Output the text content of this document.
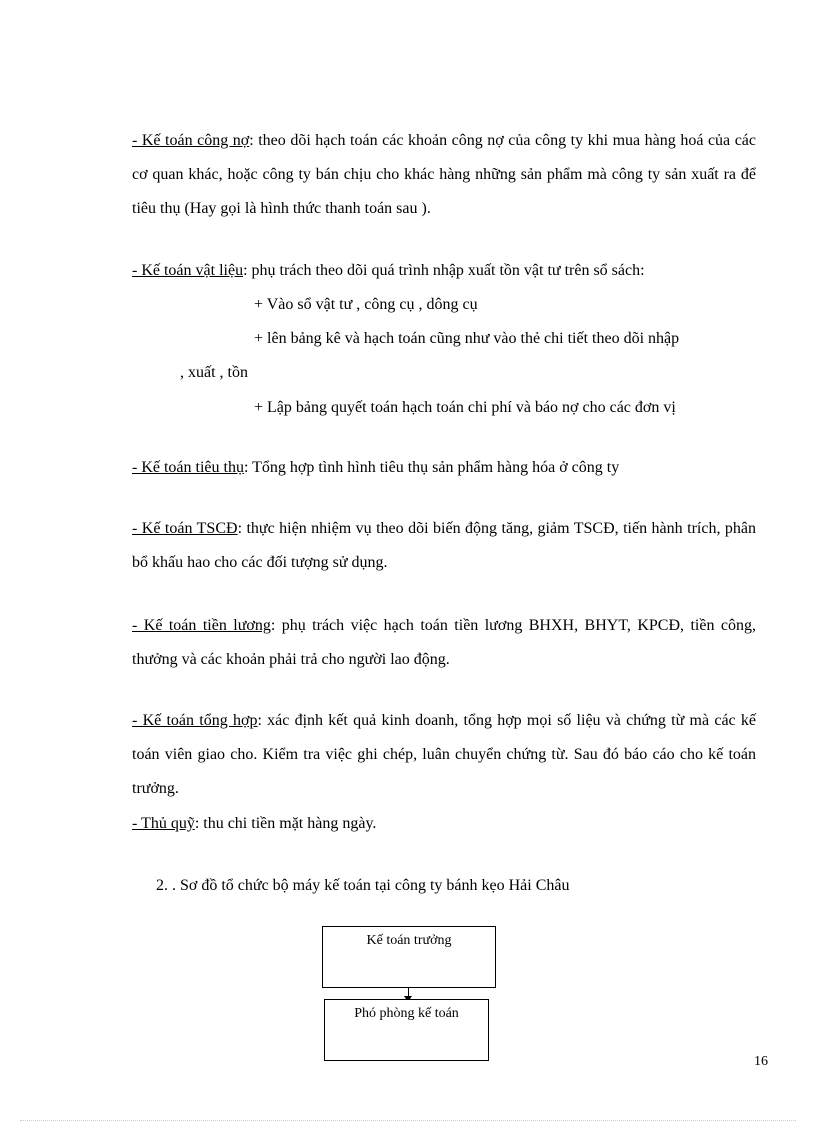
- Kế toán công nợ: theo dõi hạch toán các khoản công nợ của công ty khi mua hàng hoá của các cơ quan khác, hoặc công ty bán chịu cho khác hàng những sản phẩm mà công ty sản xuất ra để tiêu thụ (Hay gọi là hình thức thanh toán sau ).
- Kế toán vật liệu: phụ trách theo dõi quá trình nhập xuất tồn vật tư trên sổ sách:
+ Vào sổ vật tư , công cụ , dông cụ
+ lên bảng kê và hạch toán cũng như vào thẻ chi tiết theo dõi nhập
, xuất , tồn
+ Lập bảng quyết toán hạch toán chi phí và báo nợ cho các đơn vị
- Kế toán tiêu thụ: Tổng hợp tình hình tiêu thụ sản phẩm hàng hóa ở công ty
- Kế toán TSCĐ: thực hiện nhiệm vụ theo dõi biến động tăng, giảm TSCĐ, tiến hành trích, phân bổ khấu hao cho các đối tượng sử dụng.
- Kế toán tiền lương: phụ trách việc hạch toán tiền lương BHXH, BHYT, KPCĐ, tiền công, thưởng và các khoản phải trả cho người lao động.
- Kế toán tổng hợp: xác định kết quả kinh doanh, tổng hợp mọi số liệu và chứng từ mà các kế toán viên giao cho. Kiểm tra việc ghi chép, luân chuyển chứng từ. Sau đó báo cáo cho kế toán trưởng.
- Thủ quỹ: thu chi tiền mặt hàng ngày.
2. . Sơ đồ tổ chức bộ máy kế toán tại công ty bánh kẹo Hải Châu
Kế toán trưởng
Phó phòng kế toán
16
